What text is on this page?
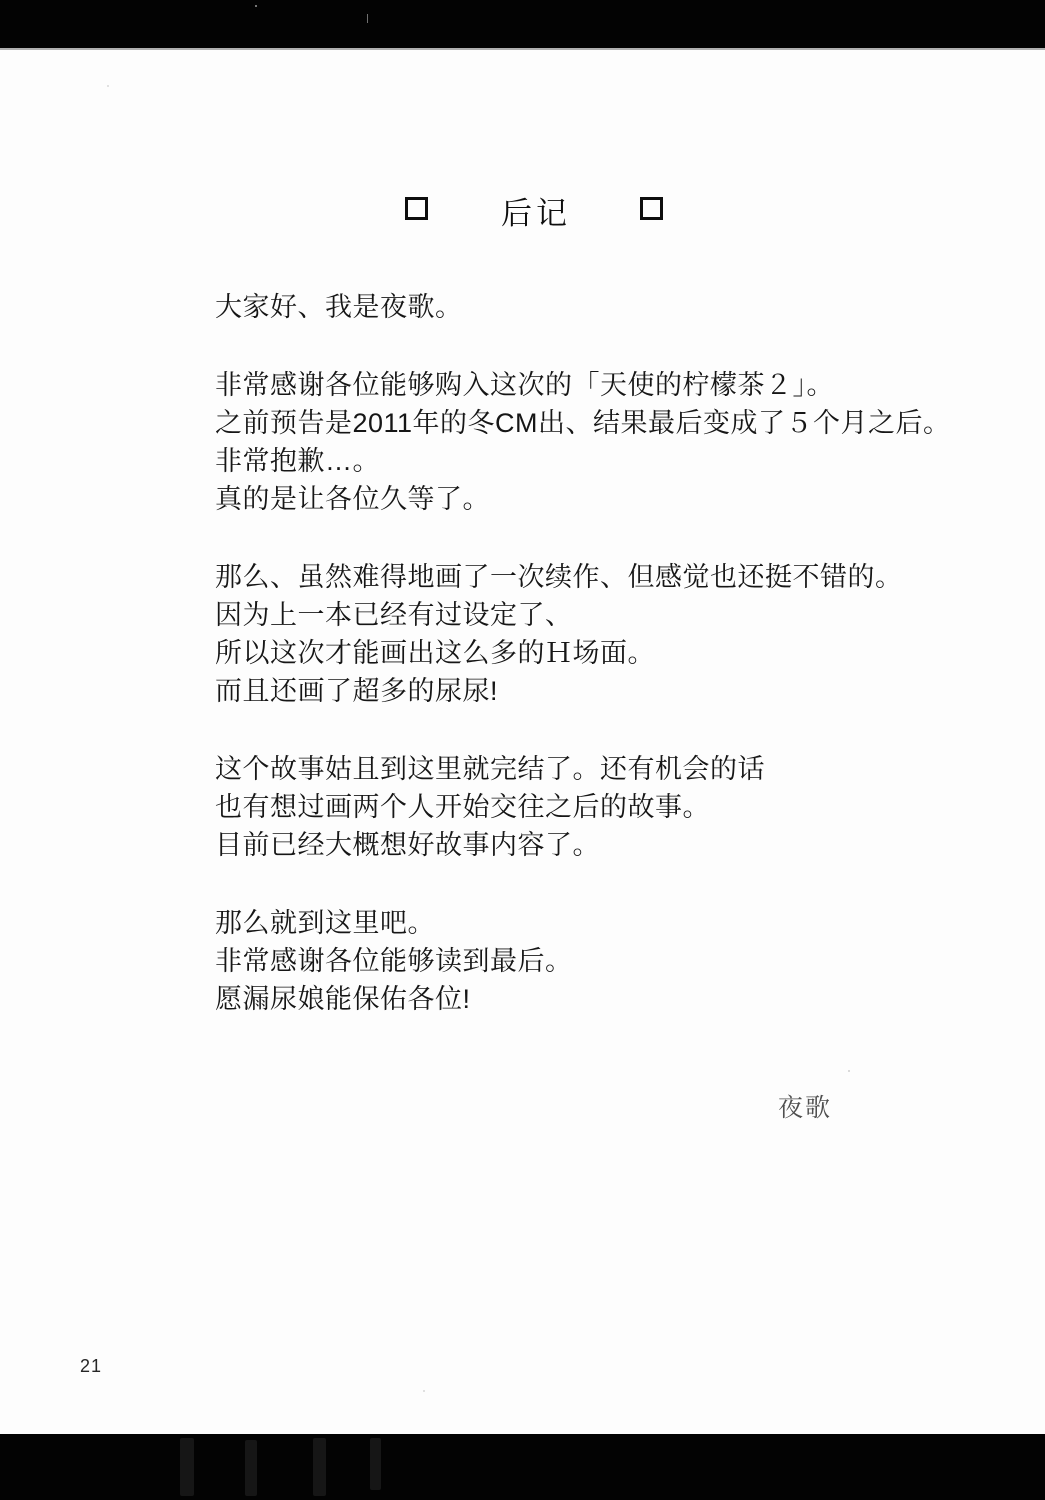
后记
大家好、我是夜歌。
非常感谢各位能够购入这次的「天使的柠檬茶２」。
之前预告是2011年的冬CM出、结果最后变成了５个月之后。
非常抱歉…。
真的是让各位久等了。
那么、虽然难得地画了一次续作、但感觉也还挺不错的。
因为上一本已经有过设定了、
所以这次才能画出这么多的Ｈ场面。
而且还画了超多的尿尿!
这个故事姑且到这里就完结了。还有机会的话
也有想过画两个人开始交往之后的故事。
目前已经大概想好故事内容了。
那么就到这里吧。
非常感谢各位能够读到最后。
愿漏尿娘能保佑各位!
夜歌
21
